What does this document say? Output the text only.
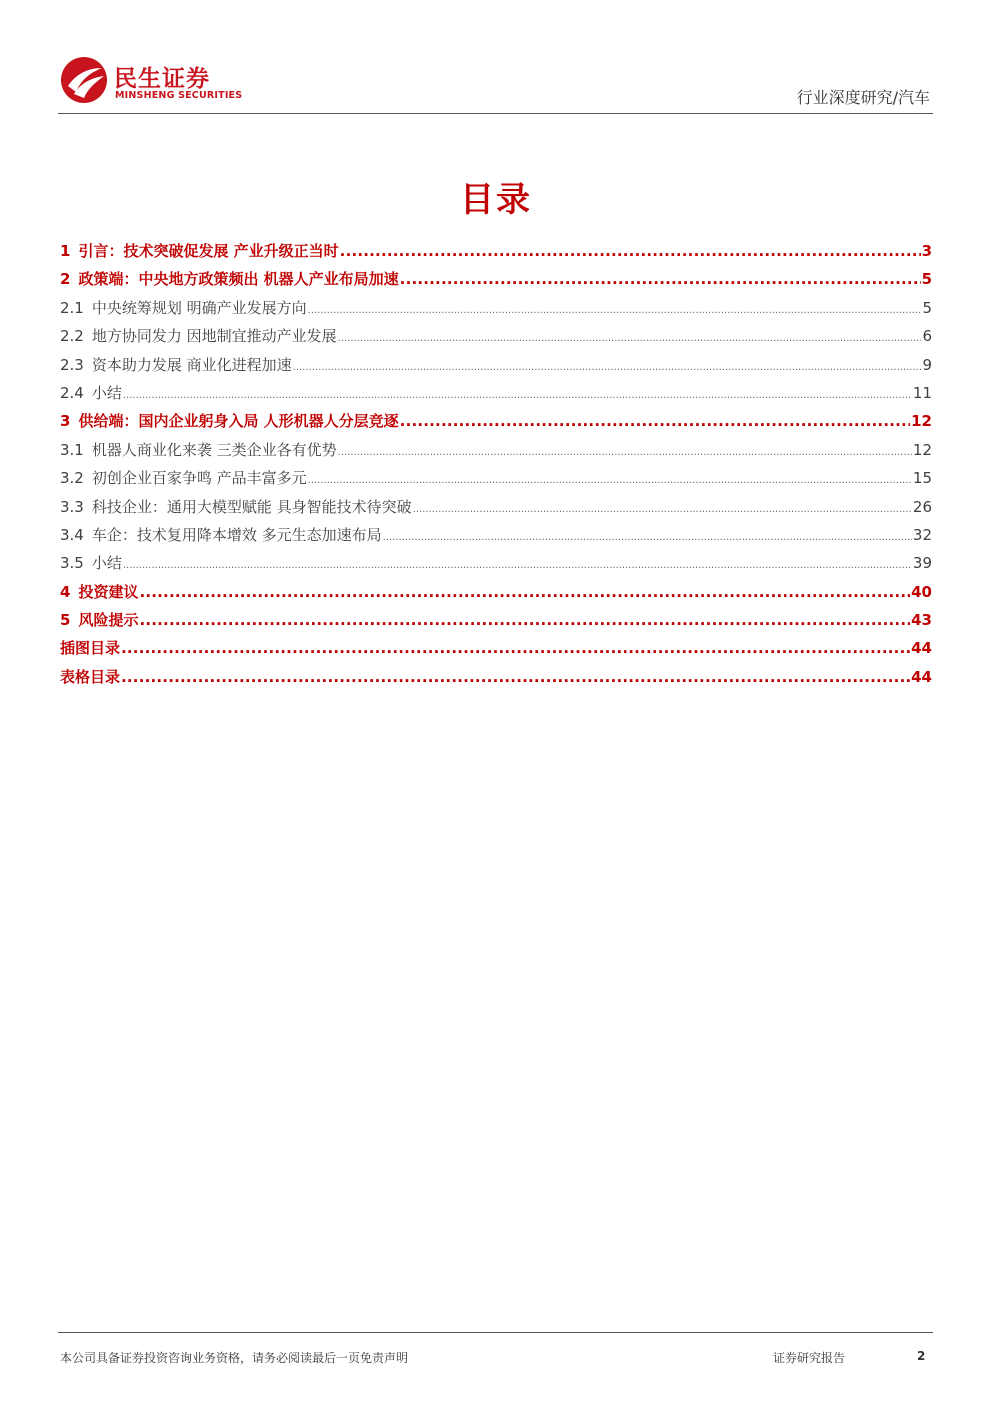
民生证券
MINSHENG SECURITIES	行业深度研究/汽车
目录
1 引言：技术突破促发展 产业升级正当时 .....	3
2 政策端：中央地方政策频出 机器人产业布局加速 .....	5
2.1 中央统筹规划 明确产业发展方向 .....	5
2.2 地方协同发力 因地制宜推动产业发展 .....	6
2.3 资本助力发展 商业化进程加速 .....	9
2.4 小结 .....	11
3 供给端：国内企业躬身入局 人形机器人分层竞逐 .....	12
3.1 机器人商业化来袭 三类企业各有优势 .....	12
3.2 初创企业百家争鸣 产品丰富多元 .....	15
3.3 科技企业：通用大模型赋能 具身智能技术待突破 .....	26
3.4 车企：技术复用降本增效 多元生态加速布局 .....	32
3.5 小结 .....	39
4 投资建议 .....	40
5 风险提示 .....	43
插图目录 .....	44
表格目录 .....	44
本公司具备证券投资咨询业务资格，请务必阅读最后一页免责声明	证券研究报告	2
